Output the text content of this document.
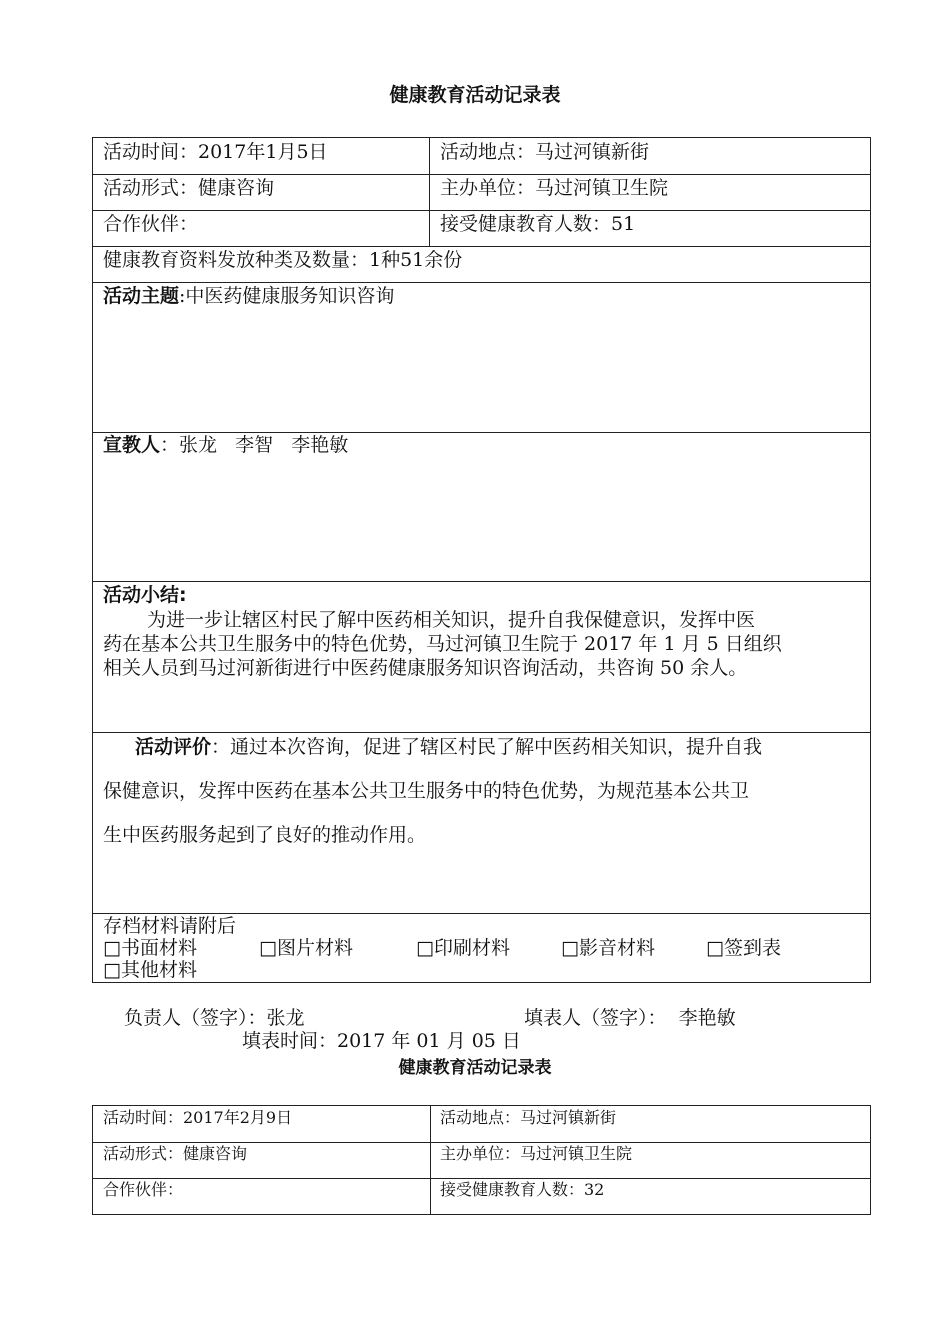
健康教育活动记录表
活动时间：2017年1月5日	活动地点：马过河镇新街
活动形式：健康咨询	主办单位：马过河镇卫生院
合作伙伴：	接受健康教育人数：51
健康教育资料发放种类及数量：1种51余份
活动主题:中医药健康服务知识咨询
宣教人：张龙   李智   李艳敏
活动小结:
为进一步让辖区村民了解中医药相关知识，提升自我保健意识，发挥中医
药在基本公共卫生服务中的特色优势，马过河镇卫生院于 2017 年 1 月 5 日组织
相关人员到马过河新街进行中医药健康服务知识咨询活动，共咨询 50 余人。
活动评价：通过本次咨询，促进了辖区村民了解中医药相关知识，提升自我
保健意识，发挥中医药在基本公共卫生服务中的特色优势，为规范基本公共卫
生中医药服务起到了良好的推动作用。
存档材料请附后
□书面材料	□图片材料	□印刷材料	□影音材料	□签到表
□其他材料
负责人（签字）：张龙	填表人（签字）：  李艳敏
填表时间：2017 年 01 月 05 日
健康教育活动记录表
活动时间：2017年2月9日	活动地点：马过河镇新街
活动形式：健康咨询	主办单位：马过河镇卫生院
合作伙伴：	接受健康教育人数：32
